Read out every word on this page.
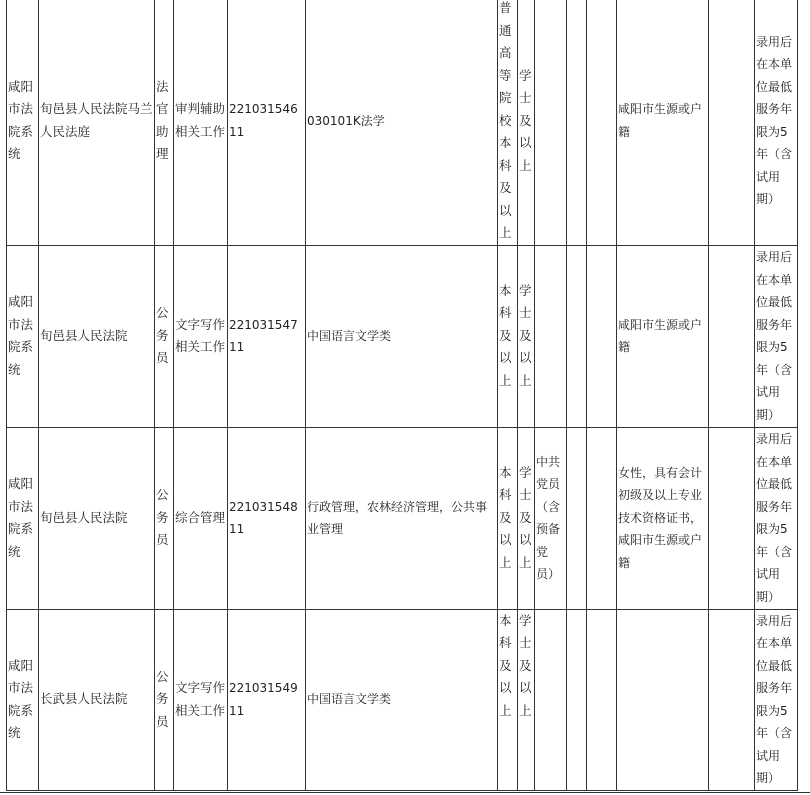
咸阳市法院系统	旬邑县人民法院马兰人民法庭	法官助理	审判辅助相关工作	22103154611	030101K法学	普通高等院校本科及以上	学士及以上				咸阳市生源或户籍		录用后在本单位最低服务年限为5年（含试用期）
咸阳市法院系统	旬邑县人民法院	公务员	文字写作相关工作	22103154711	中国语言文学类	本科及以上	学士及以上				咸阳市生源或户籍		录用后在本单位最低服务年限为5年（含试用期）
咸阳市法院系统	旬邑县人民法院	公务员	综合管理	22103154811	行政管理，农林经济管理，公共事业管理	本科及以上	学士及以上	中共党员（含预备党员）			女性，具有会计初级及以上专业技术资格证书，咸阳市生源或户籍		录用后在本单位最低服务年限为5年（含试用期）
咸阳市法院系统	长武县人民法院	公务员	文字写作相关工作	22103154911	中国语言文学类	本科及以上	学士及以上						录用后在本单位最低服务年限为5年（含试用期）
